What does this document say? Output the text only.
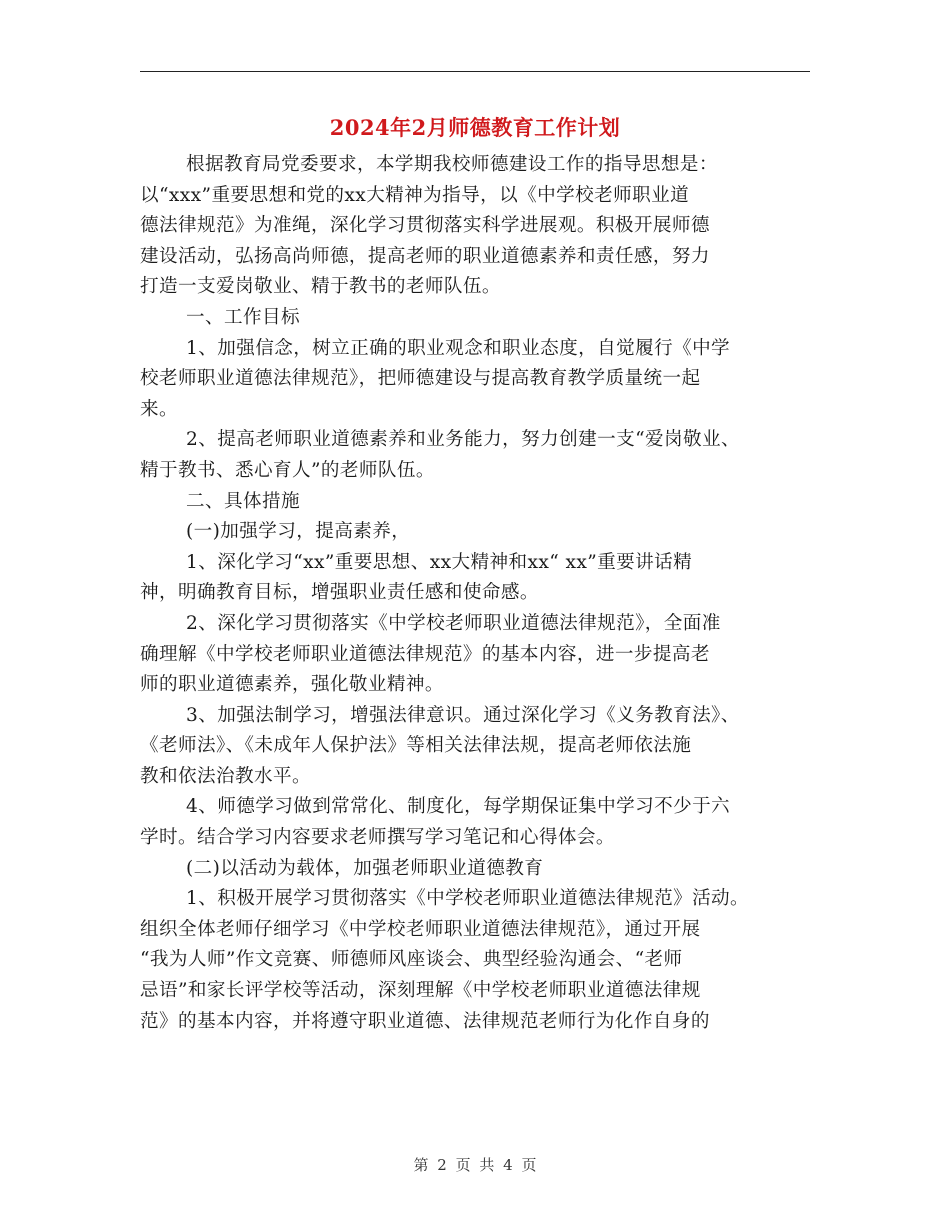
2024年2月师德教育工作计划
根据教育局党委要求，本学期我校师德建设工作的指导思想是：
以“xxx”重要思想和党的xx大精神为指导，以《中学校老师职业道
德法律规范》为准绳，深化学习贯彻落实科学进展观。积极开展师德
建设活动，弘扬高尚师德，提高老师的职业道德素养和责任感，努力
打造一支爱岗敬业、精于教书的老师队伍。
一、工作目标
1、加强信念，树立正确的职业观念和职业态度，自觉履行《中学
校老师职业道德法律规范》，把师德建设与提高教育教学质量统一起
来。
2、提高老师职业道德素养和业务能力，努力创建一支“爱岗敬业、
精于教书、悉心育人”的老师队伍。
二、具体措施
(一)加强学习，提高素养，
1、深化学习“xx”重要思想、xx大精神和xx“ xx”重要讲话精
神，明确教育目标，增强职业责任感和使命感。
2、深化学习贯彻落实《中学校老师职业道德法律规范》，全面准
确理解《中学校老师职业道德法律规范》的基本内容，进一步提高老
师的职业道德素养，强化敬业精神。
3、加强法制学习，增强法律意识。通过深化学习《义务教育法》、
《老师法》、《未成年人保护法》等相关法律法规，提高老师依法施
教和依法治教水平。
4、师德学习做到常常化、制度化，每学期保证集中学习不少于六
学时。结合学习内容要求老师撰写学习笔记和心得体会。
(二)以活动为载体，加强老师职业道德教育
1、积极开展学习贯彻落实《中学校老师职业道德法律规范》活动。
组织全体老师仔细学习《中学校老师职业道德法律规范》，通过开展
“我为人师”作文竞赛、师德师风座谈会、典型经验沟通会、“老师
忌语”和家长评学校等活动，深刻理解《中学校老师职业道德法律规
范》的基本内容，并将遵守职业道德、法律规范老师行为化作自身的
第 2 页 共 4 页
